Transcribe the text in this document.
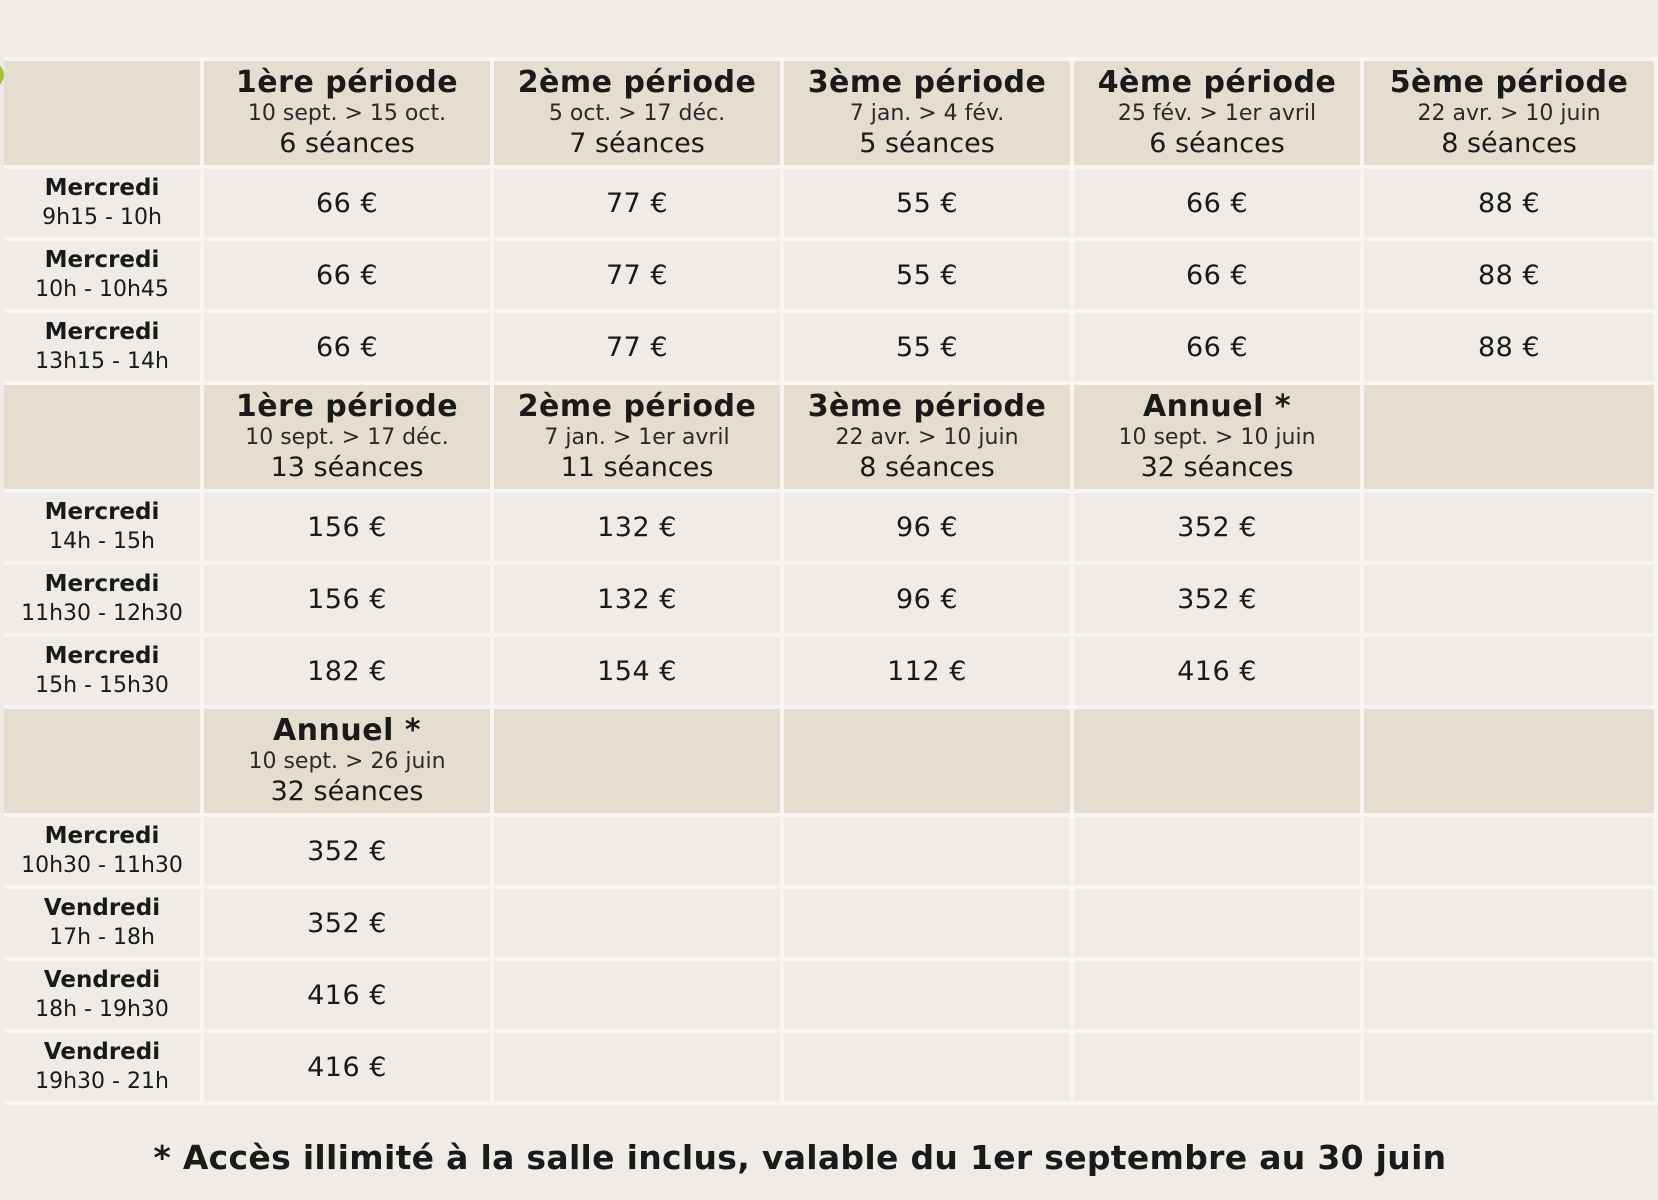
	1ère période
10 sept. > 15 oct.
6 séances	2ème période
5 oct. > 17 déc.
7 séances	3ème période
7 jan. > 4 fév.
5 séances	4ème période
25 fév. > 1er avril
6 séances	5ème période
22 avr. > 10 juin
8 séances

Mercredi
9h15 - 10h	66 €	77 €	55 €	66 €	88 €

Mercredi
10h - 10h45	66 €	77 €	55 €	66 €	88 €

Mercredi
13h15 - 14h	66 €	77 €	55 €	66 €	88 €

	1ère période
10 sept. > 17 déc.
13 séances	2ème période
7 jan. > 1er avril
11 séances	3ème période
22 avr. > 10 juin
8 séances	Annuel *
10 sept. > 10 juin
32 séances	

Mercredi
14h - 15h	156 €	132 €	96 €	352 €	

Mercredi
11h30 - 12h30	156 €	132 €	96 €	352 €	

Mercredi
15h - 15h30	182 €	154 €	112 €	416 €	

	Annuel *
10 sept. > 26 juin
32 séances				

Mercredi
10h30 - 11h30	352 €				

Vendredi
17h - 18h	352 €				

Vendredi
18h - 19h30	416 €				

Vendredi
19h30 - 21h	416 €				
* Accès illimité à la salle inclus, valable du 1er septembre au 30 juin
